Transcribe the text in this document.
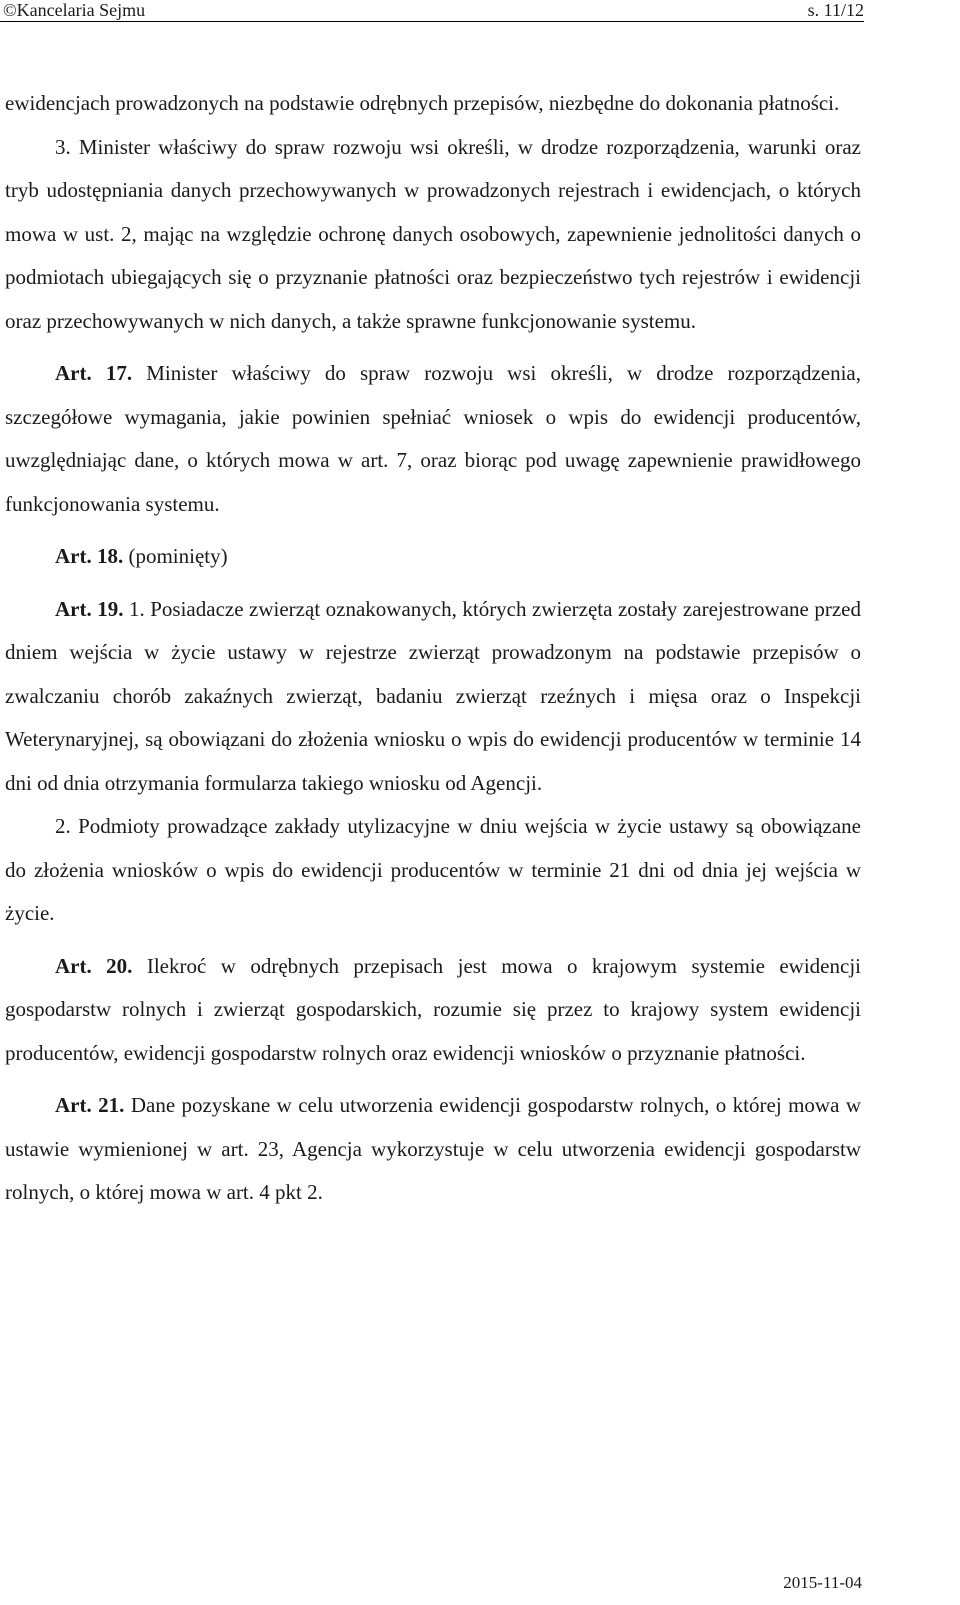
©Kancelaria Sejmu	s. 11/12

ewidencjach prowadzonych na podstawie odrębnych przepisów, niezbędne do dokonania płatności.

3. Minister właściwy do spraw rozwoju wsi określi, w drodze rozporządzenia, warunki oraz tryb udostępniania danych przechowywanych w prowadzonych rejestrach i ewidencjach, o których mowa w ust. 2, mając na względzie ochronę danych osobowych, zapewnienie jednolitości danych o podmiotach ubiegających się o przyznanie płatności oraz bezpieczeństwo tych rejestrów i ewidencji oraz przechowywanych w nich danych, a także sprawne funkcjonowanie systemu.

Art. 17. Minister właściwy do spraw rozwoju wsi określi, w drodze rozporządzenia, szczegółowe wymagania, jakie powinien spełniać wniosek o wpis do ewidencji producentów, uwzględniając dane, o których mowa w art. 7, oraz biorąc pod uwagę zapewnienie prawidłowego funkcjonowania systemu.

Art. 18. (pominięty)

Art. 19. 1. Posiadacze zwierząt oznakowanych, których zwierzęta zostały zarejestrowane przed dniem wejścia w życie ustawy w rejestrze zwierząt prowadzonym na podstawie przepisów o zwalczaniu chorób zakaźnych zwierząt, badaniu zwierząt rzeźnych i mięsa oraz o Inspekcji Weterynaryjnej, są obowiązani do złożenia wniosku o wpis do ewidencji producentów w terminie 14 dni od dnia otrzymania formularza takiego wniosku od Agencji.

2. Podmioty prowadzące zakłady utylizacyjne w dniu wejścia w życie ustawy są obowiązane do złożenia wniosków o wpis do ewidencji producentów w terminie 21 dni od dnia jej wejścia w życie.

Art. 20. Ilekroć w odrębnych przepisach jest mowa o krajowym systemie ewidencji gospodarstw rolnych i zwierząt gospodarskich, rozumie się przez to krajowy system ewidencji producentów, ewidencji gospodarstw rolnych oraz ewidencji wniosków o przyznanie płatności.

Art. 21. Dane pozyskane w celu utworzenia ewidencji gospodarstw rolnych, o której mowa w ustawie wymienionej w art. 23, Agencja wykorzystuje w celu utworzenia ewidencji gospodarstw rolnych, o której mowa w art. 4 pkt 2.

2015-11-04
